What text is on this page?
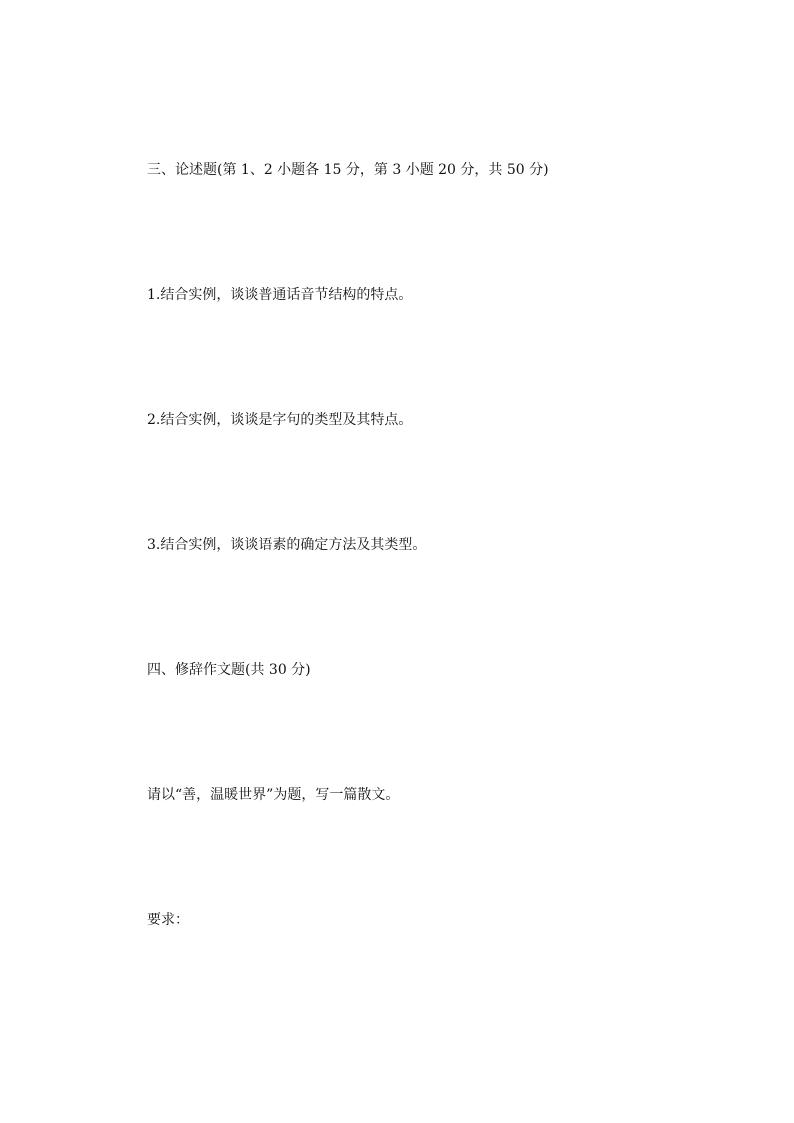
三、论述题(第 1、2 小题各 15 分，第 3 小题 20 分，共 50 分)
1.结合实例，谈谈普通话音节结构的特点。
2.结合实例，谈谈是字句的类型及其特点。
3.结合实例，谈谈语素的确定方法及其类型。
四、修辞作文题(共 30 分)
请以“善，温暖世界”为题，写一篇散文。
要求：
